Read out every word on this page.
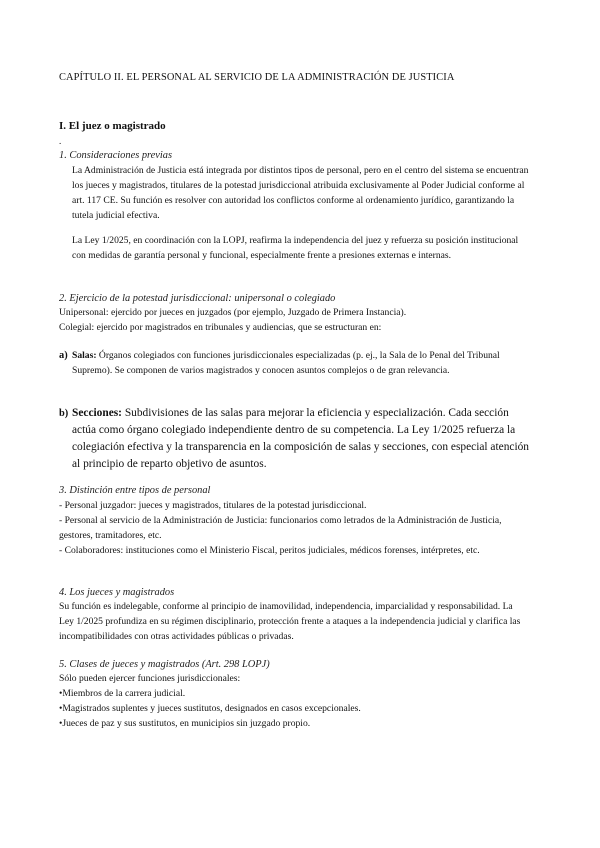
CAPÍTULO II. EL PERSONAL AL SERVICIO DE LA ADMINISTRACIÓN DE JUSTICIA

I. El juez o magistrado

.

1. Consideraciones previas

La Administración de Justicia está integrada por distintos tipos de personal, pero en el centro del sistema se encuentran los jueces y magistrados, titulares de la potestad jurisdiccional atribuida exclusivamente al Poder Judicial conforme al art. 117 CE. Su función es resolver con autoridad los conflictos conforme al ordenamiento jurídico, garantizando la tutela judicial efectiva.

La Ley 1/2025, en coordinación con la LOPJ, reafirma la independencia del juez y refuerza su posición institucional con medidas de garantía personal y funcional, especialmente frente a presiones externas e internas.

2. Ejercicio de la potestad jurisdiccional: unipersonal o colegiado

Unipersonal: ejercido por jueces en juzgados (por ejemplo, Juzgado de Primera Instancia).

Colegial: ejercido por magistrados en tribunales y audiencias, que se estructuran en:

a) Salas: Órganos colegiados con funciones jurisdiccionales especializadas (p. ej., la Sala de lo Penal del Tribunal Supremo). Se componen de varios magistrados y conocen asuntos complejos o de gran relevancia.

b) Secciones: Subdivisiones de las salas para mejorar la eficiencia y especialización. Cada sección actúa como órgano colegiado independiente dentro de su competencia. La Ley 1/2025 refuerza la colegiación efectiva y la transparencia en la composición de salas y secciones, con especial atención al principio de reparto objetivo de asuntos.

3. Distinción entre tipos de personal

- Personal juzgador: jueces y magistrados, titulares de la potestad jurisdiccional.

- Personal al servicio de la Administración de Justicia: funcionarios como letrados de la Administración de Justicia, gestores, tramitadores, etc.

- Colaboradores: instituciones como el Ministerio Fiscal, peritos judiciales, médicos forenses, intérpretes, etc.

4. Los jueces y magistrados

Su función es indelegable, conforme al principio de inamovilidad, independencia, imparcialidad y responsabilidad. La Ley 1/2025 profundiza en su régimen disciplinario, protección frente a ataques a la independencia judicial y clarifica las incompatibilidades con otras actividades públicas o privadas.

5. Clases de jueces y magistrados (Art. 298 LOPJ)

Sólo pueden ejercer funciones jurisdiccionales:

•Miembros de la carrera judicial.

•Magistrados suplentes y jueces sustitutos, designados en casos excepcionales.

•Jueces de paz y sus sustitutos, en municipios sin juzgado propio.
